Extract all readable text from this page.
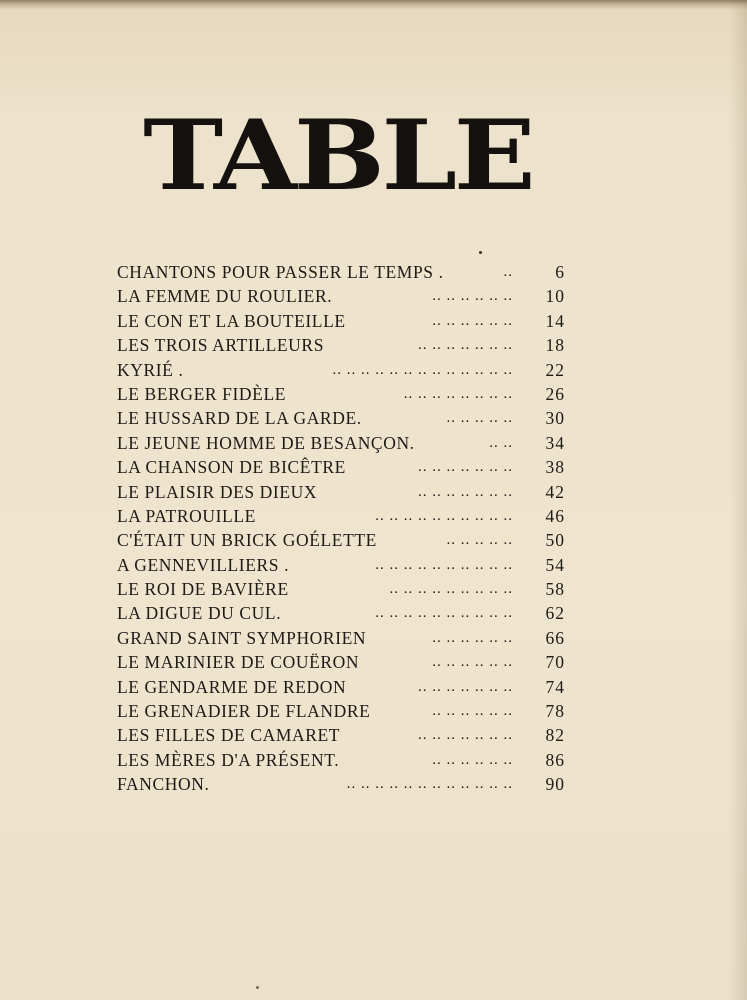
TABLE
CHANTONS POUR PASSER LE TEMPS .	..	6
LA FEMME DU ROULIER.	.. .. .. .. .. ..	10
LE CON ET LA BOUTEILLE	.. .. .. .. .. ..	14
LES TROIS ARTILLEURS	.. .. .. .. .. .. ..	18
KYRIÉ .	.. .. .. .. .. .. .. .. .. .. .. .. ..	22
LE BERGER FIDÈLE	.. .. .. .. .. .. .. ..	26
LE HUSSARD DE LA GARDE.	.. .. .. .. ..	30
LE JEUNE HOMME DE BESANÇON.	.. ..	34
LA CHANSON DE BICÊTRE	.. .. .. .. .. .. ..	38
LE PLAISIR DES DIEUX	.. .. .. .. .. .. ..	42
LA PATROUILLE	.. .. .. .. .. .. .. .. .. ..	46
C'ÉTAIT UN BRICK GOÉLETTE	.. .. .. .. ..	50
A GENNEVILLIERS .	.. .. .. .. .. .. .. .. .. ..	54
LE ROI DE BAVIÈRE	.. .. .. .. .. .. .. .. ..	58
LA DIGUE DU CUL.	.. .. .. .. .. .. .. .. .. ..	62
GRAND SAINT SYMPHORIEN	.. .. .. .. .. ..	66
LE MARINIER DE COUËRON	.. .. .. .. .. ..	70
LE GENDARME DE REDON	.. .. .. .. .. .. ..	74
LE GRENADIER DE FLANDRE	.. .. .. .. .. ..	78
LES FILLES DE CAMARET	.. .. .. .. .. .. ..	82
LES MÈRES D'A PRÉSENT.	.. .. .. .. .. ..	86
FANCHON.	.. .. .. .. .. .. .. .. .. .. .. ..	90
